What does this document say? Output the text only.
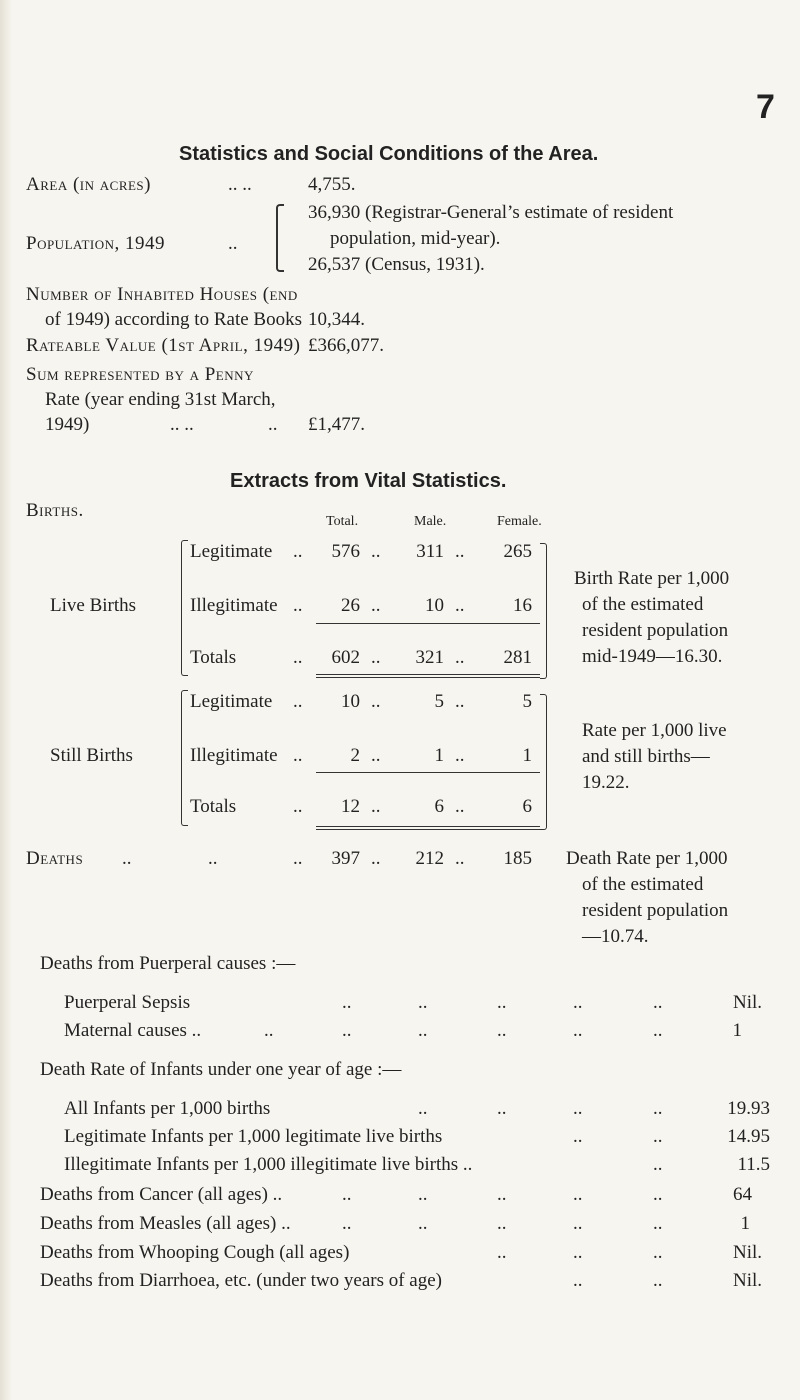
7
Statistics and Social Conditions of the Area.
Area (in acres)	.. ..	4,755.
Population, 1949	..
36,930 (Registrar-General’s estimate of resident
population, mid-year).
26,537 (Census, 1931).
Number of Inhabited Houses (end
of 1949) according to Rate Books 10,344.
Rateable Value (1st April, 1949) £366,077.
Sum represented by a Penny
Rate (year ending 31st March,
1949)	.. ..	.. £1,477.
Extracts from Vital Statistics.
Births.
Total.	Male.	Female.
Live Births
Legitimate ..	576 ..	311 ..	265
Illegitimate ..	26 ..	10 ..	16
Totals	..	602 ..	321 ..	281
Birth Rate per 1,000
of the estimated
resident population
mid-1949—16.30.
Still Births
Legitimate ..	10 ..	5 ..	5
Illegitimate ..	2 ..	1 ..	1
Totals	..	12 ..	6 ..	6
Rate per 1,000 live
and still births—
19.22.
Deaths ..	..	..	397 ..	212 ..	185 Death Rate per 1,000
of the estimated
resident population
—10.74.
Deaths from Puerperal causes :—
Puerperal Sepsis	..	..	..	..	..	Nil.
Maternal causes ..	..	..	..	..	..	..	1
Death Rate of Infants under one year of age :—
All Infants per 1,000 births	..	..	..	..	19.93
Legitimate Infants per 1,000 legitimate live births	..	..	14.95
Illegitimate Infants per 1,000 illegitimate live births ..	..	11.5
Deaths from Cancer (all ages) ..	..	..	..	..	..	64
Deaths from Measles (all ages) ..	..	..	..	..	..	1
Deaths from Whooping Cough (all ages)	..	..	..	Nil.
Deaths from Diarrhoea, etc. (under two years of age)	..	..	Nil.
